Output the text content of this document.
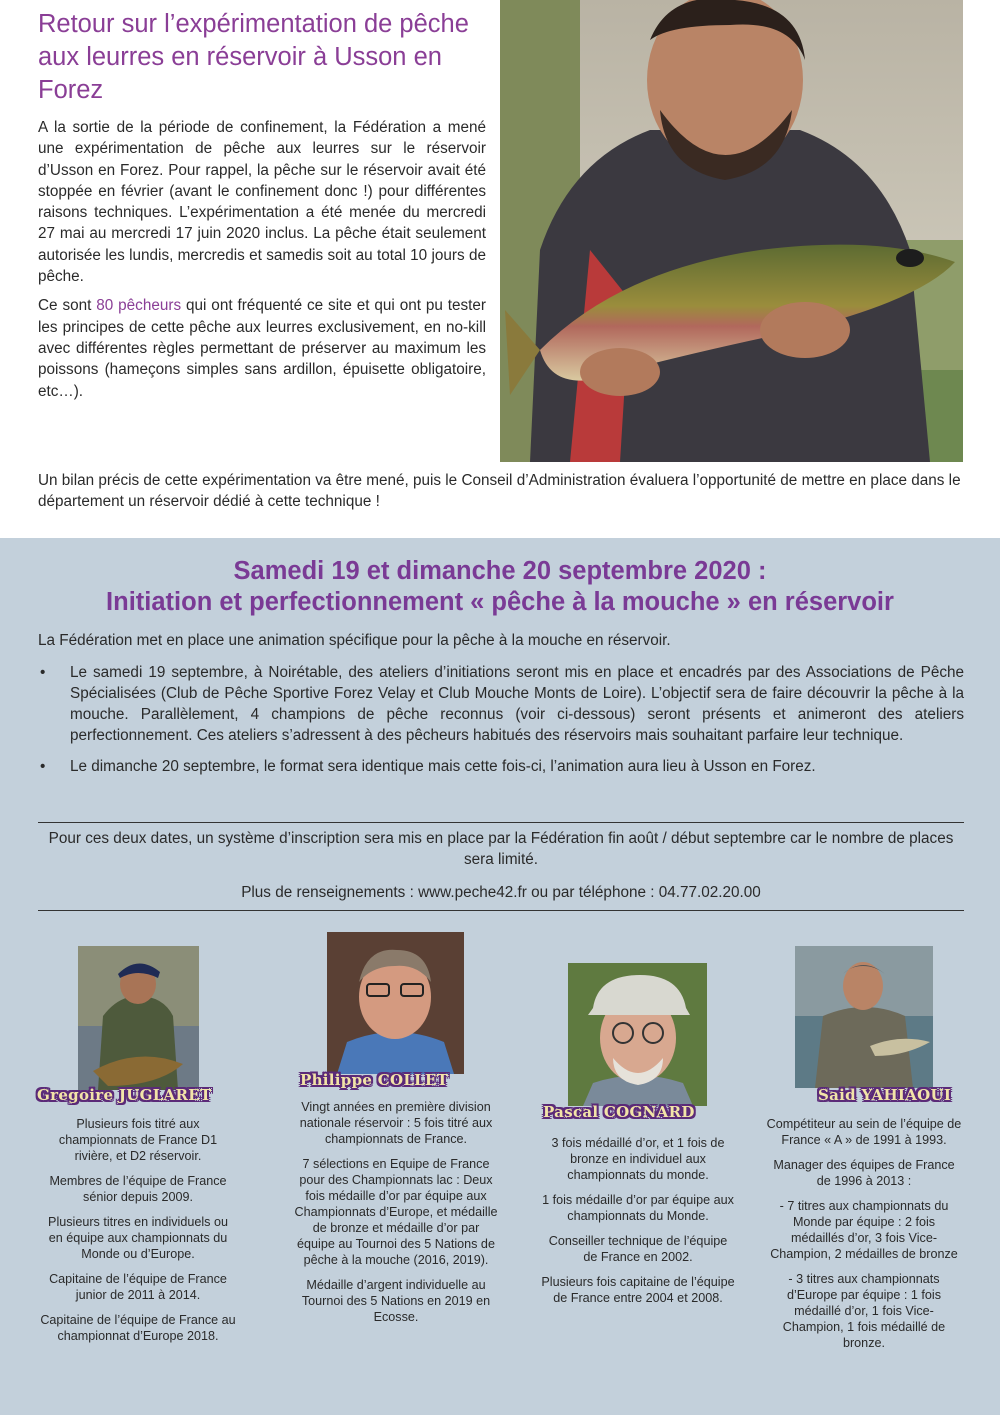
Retour sur l’expérimentation de pêche aux leurres en réservoir à Usson en Forez

A la sortie de la période de confinement, la Fédération a mené une expérimentation de pêche aux leurres sur le réservoir d’Usson en Forez. Pour rappel, la pêche sur le réservoir avait été stoppée en février (avant le confinement donc !) pour différentes raisons techniques. L’expérimentation a été menée du mercredi 27 mai au mercredi 17 juin 2020 inclus. La pêche était seulement autorisée les lundis, mercredis et samedis soit au total 10 jours de pêche.

Ce sont 80 pêcheurs qui ont fréquenté ce site et qui ont pu tester les principes de cette pêche aux leurres exclusivement, en no-kill avec différentes règles permettant de préserver au maximum les poissons (hameçons simples sans ardillon, épuisette obligatoire, etc…).

Un bilan précis de cette expérimentation va être mené, puis le Conseil d’Administration évaluera l’opportunité de mettre en place dans le département un réservoir dédié à cette technique !

Samedi 19 et dimanche 20 septembre 2020 :
Initiation et perfectionnement « pêche à la mouche » en réservoir

La Fédération met en place une animation spécifique pour la pêche à la mouche en réservoir.

• Le samedi 19 septembre, à Noirétable, des ateliers d’initiations seront mis en place et encadrés par des Associations de Pêche Spécialisées (Club de Pêche Sportive Forez Velay et Club Mouche Monts de Loire). L’objectif sera de faire découvrir la pêche à la mouche. Parallèlement, 4 champions de pêche reconnus (voir ci-dessous) seront présents et animeront des ateliers perfectionnement. Ces ateliers s’adressent à des pêcheurs habitués des réservoirs mais souhaitant parfaire leur technique.
• Le dimanche 20 septembre, le format sera identique mais cette fois-ci, l’animation aura lieu à Usson en Forez.

Pour ces deux dates, un système d’inscription sera mis en place par la Fédération fin août / début septembre car le nombre de places sera limité.

Plus de renseignements : www.peche42.fr ou par téléphone : 04.77.02.20.00

Gregoire JUGLARET

Plusieurs fois titré aux championnats de France D1 rivière, et D2 réservoir.

Membres de l’équipe de France sénior depuis 2009.

Plusieurs titres en individuels ou en équipe aux championnats du Monde ou d’Europe.

Capitaine de l’équipe de France junior de 2011 à 2014.

Capitaine de l’équipe de France au championnat d’Europe 2018.

Philippe COLLET

Vingt années en première division nationale réservoir : 5 fois titré aux championnats de France.

7 sélections en Equipe de France pour des Championnats lac : Deux fois médaille d’or par équipe aux Championnats d’Europe, et médaille de bronze et médaille d’or par équipe au Tournoi des 5 Nations de pêche à la mouche (2016, 2019).

Médaille d’argent individuelle au Tournoi des 5 Nations en 2019 en Ecosse.

Pascal COGNARD

3 fois médaillé d’or, et 1 fois de bronze en individuel aux championnats du monde.

1 fois médaille d’or par équipe aux championnats du Monde.

Conseiller technique de l’équipe de France en 2002.

Plusieurs fois capitaine de l’équipe de France entre 2004 et 2008.

Said YAHIAOUI

Compétiteur au sein de l’équipe de France « A » de 1991 à 1993.

Manager des équipes de France de 1996 à 2013 :

- 7 titres aux championnats du Monde par équipe : 2 fois médaillés d’or, 3 fois Vice-Champion, 2 médailles de bronze

- 3 titres aux championnats d’Europe par équipe : 1 fois médaillé d’or, 1 fois Vice-Champion, 1 fois médaillé de bronze.
